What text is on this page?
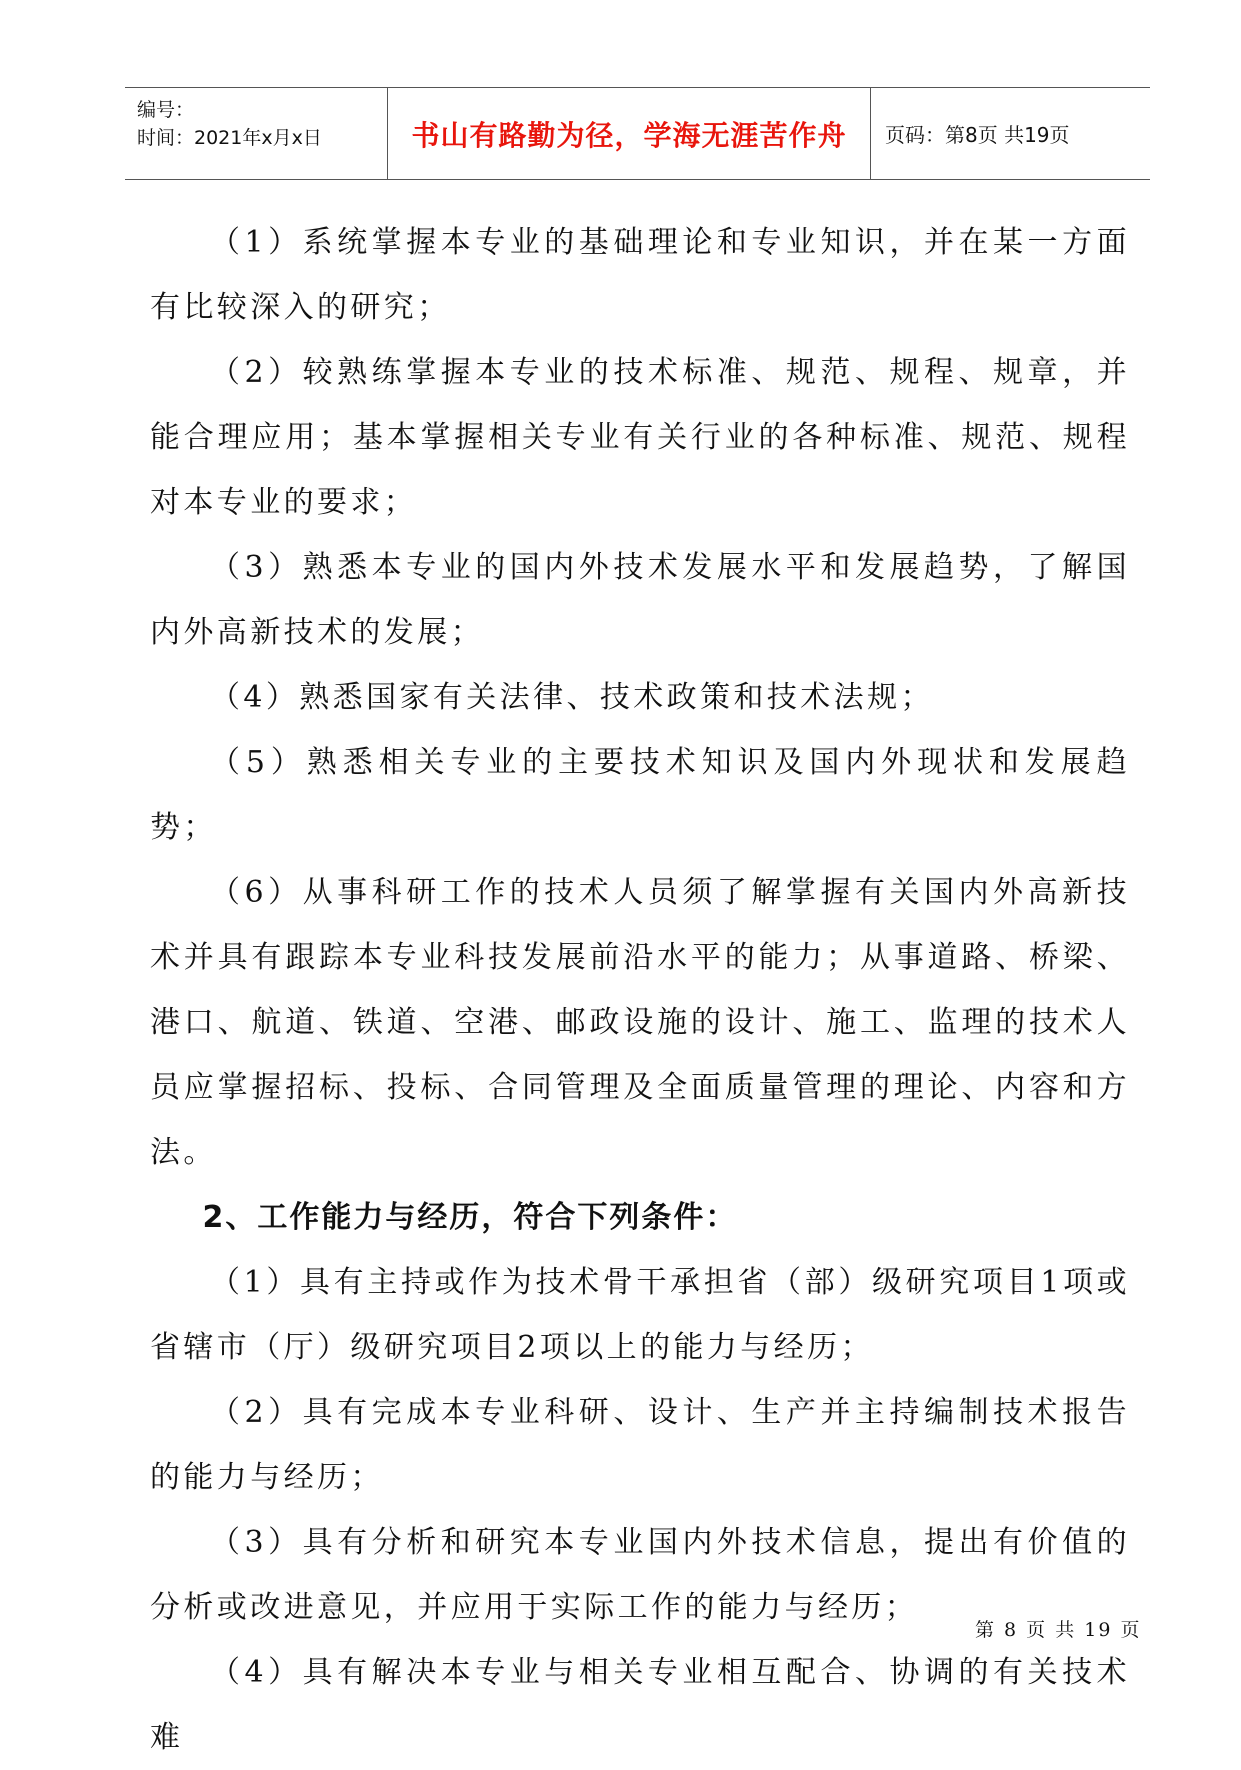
编号：
时间：2021年x月x日	书山有路勤为径，学海无涯苦作舟	页码：第8页 共19页

（1）系统掌握本专业的基础理论和专业知识，并在某一方面有比较深入的研究；

（2）较熟练掌握本专业的技术标准、规范、规程、规章，并能合理应用；基本掌握相关专业有关行业的各种标准、规范、规程对本专业的要求；

（3）熟悉本专业的国内外技术发展水平和发展趋势，了解国内外高新技术的发展；

（4）熟悉国家有关法律、技术政策和技术法规；

（5）熟悉相关专业的主要技术知识及国内外现状和发展趋势；

（6）从事科研工作的技术人员须了解掌握有关国内外高新技术并具有跟踪本专业科技发展前沿水平的能力；从事道路、桥梁、港口、航道、铁道、空港、邮政设施的设计、施工、监理的技术人员应掌握招标、投标、合同管理及全面质量管理的理论、内容和方法。

2、工作能力与经历，符合下列条件：

（1）具有主持或作为技术骨干承担省（部）级研究项目1项或省辖市（厅）级研究项目2项以上的能力与经历；

（2）具有完成本专业科研、设计、生产并主持编制技术报告的能力与经历；

（3）具有分析和研究本专业国内外技术信息，提出有价值的分析或改进意见，并应用于实际工作的能力与经历；

（4）具有解决本专业与相关专业相互配合、协调的有关技术难

第 8 页 共 19 页
